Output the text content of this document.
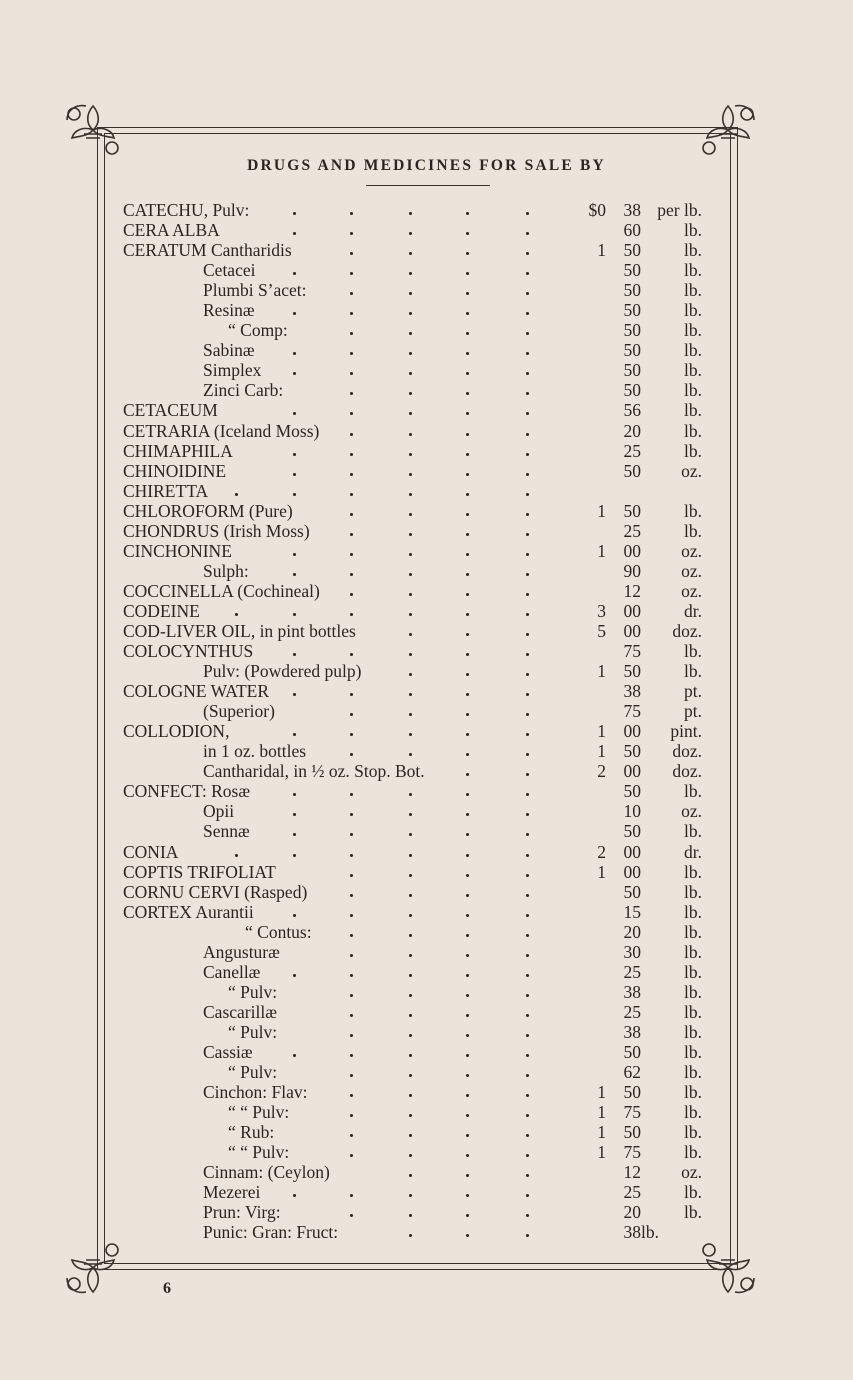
DRUGS AND MEDICINES FOR SALE BY
CATECHU, Pulv:	$0	38 per lb.
CERA ALBA	60	lb.
CERATUM Cantharidis	1	50	lb.
Cetacei	50	lb.
Plumbi S’acet:	50	lb.
Resinæ	50	lb.
“ Comp:	50	lb.
Sabinæ	50	lb.
Simplex	50	lb.
Zinci Carb:	50	lb.
CETACEUM	56	lb.
CETRARIA (Iceland Moss)	20	lb.
CHIMAPHILA	25	lb.
CHINOIDINE	50	oz.
CHIRETTA
CHLOROFORM (Pure)	1	50	lb.
CHONDRUS (Irish Moss)	25	lb.
CINCHONINE	1	00	oz.
Sulph:	90	oz.
COCCINELLA (Cochineal)	12	oz.
CODEINE	3	00	dr.
COD-LIVER OIL, in pint bottles	5	00	doz.
COLOCYNTHUS	75	lb.
Pulv: (Powdered pulp)	1	50	lb.
COLOGNE WATER	38	pt.
(Superior)	75	pt.
COLLODION,	1	00	pint.
in 1 oz. bottles	1	50	doz.
Cantharidal, in ½ oz. Stop. Bot.	2	00	doz.
CONFECT: Rosæ	50	lb.
Opii	10	oz.
Sennæ	50	lb.
CONIA	2	00	dr.
COPTIS TRIFOLIAT	1	00	lb.
CORNU CERVI (Rasped)	50	lb.
CORTEX Aurantii	15	lb.
“ Contus:	20	lb.
Angusturæ	30	lb.
Canellæ	25	lb.
“ Pulv:	38	lb.
Cascarillæ	25	lb.
“ Pulv:	38	lb.
Cassiæ	50	lb.
“ Pulv:	62	lb.
Cinchon: Flav:	1	50	lb.
“ “ Pulv:	1	75	lb.
“ Rub:	1	50	lb.
“ “ Pulv:	1	75	lb.
Cinnam: (Ceylon)	12	oz.
Mezerei	25	lb.
Prun: Virg:	20	lb.
Punic: Gran: Fruct:	38 lb.
6
